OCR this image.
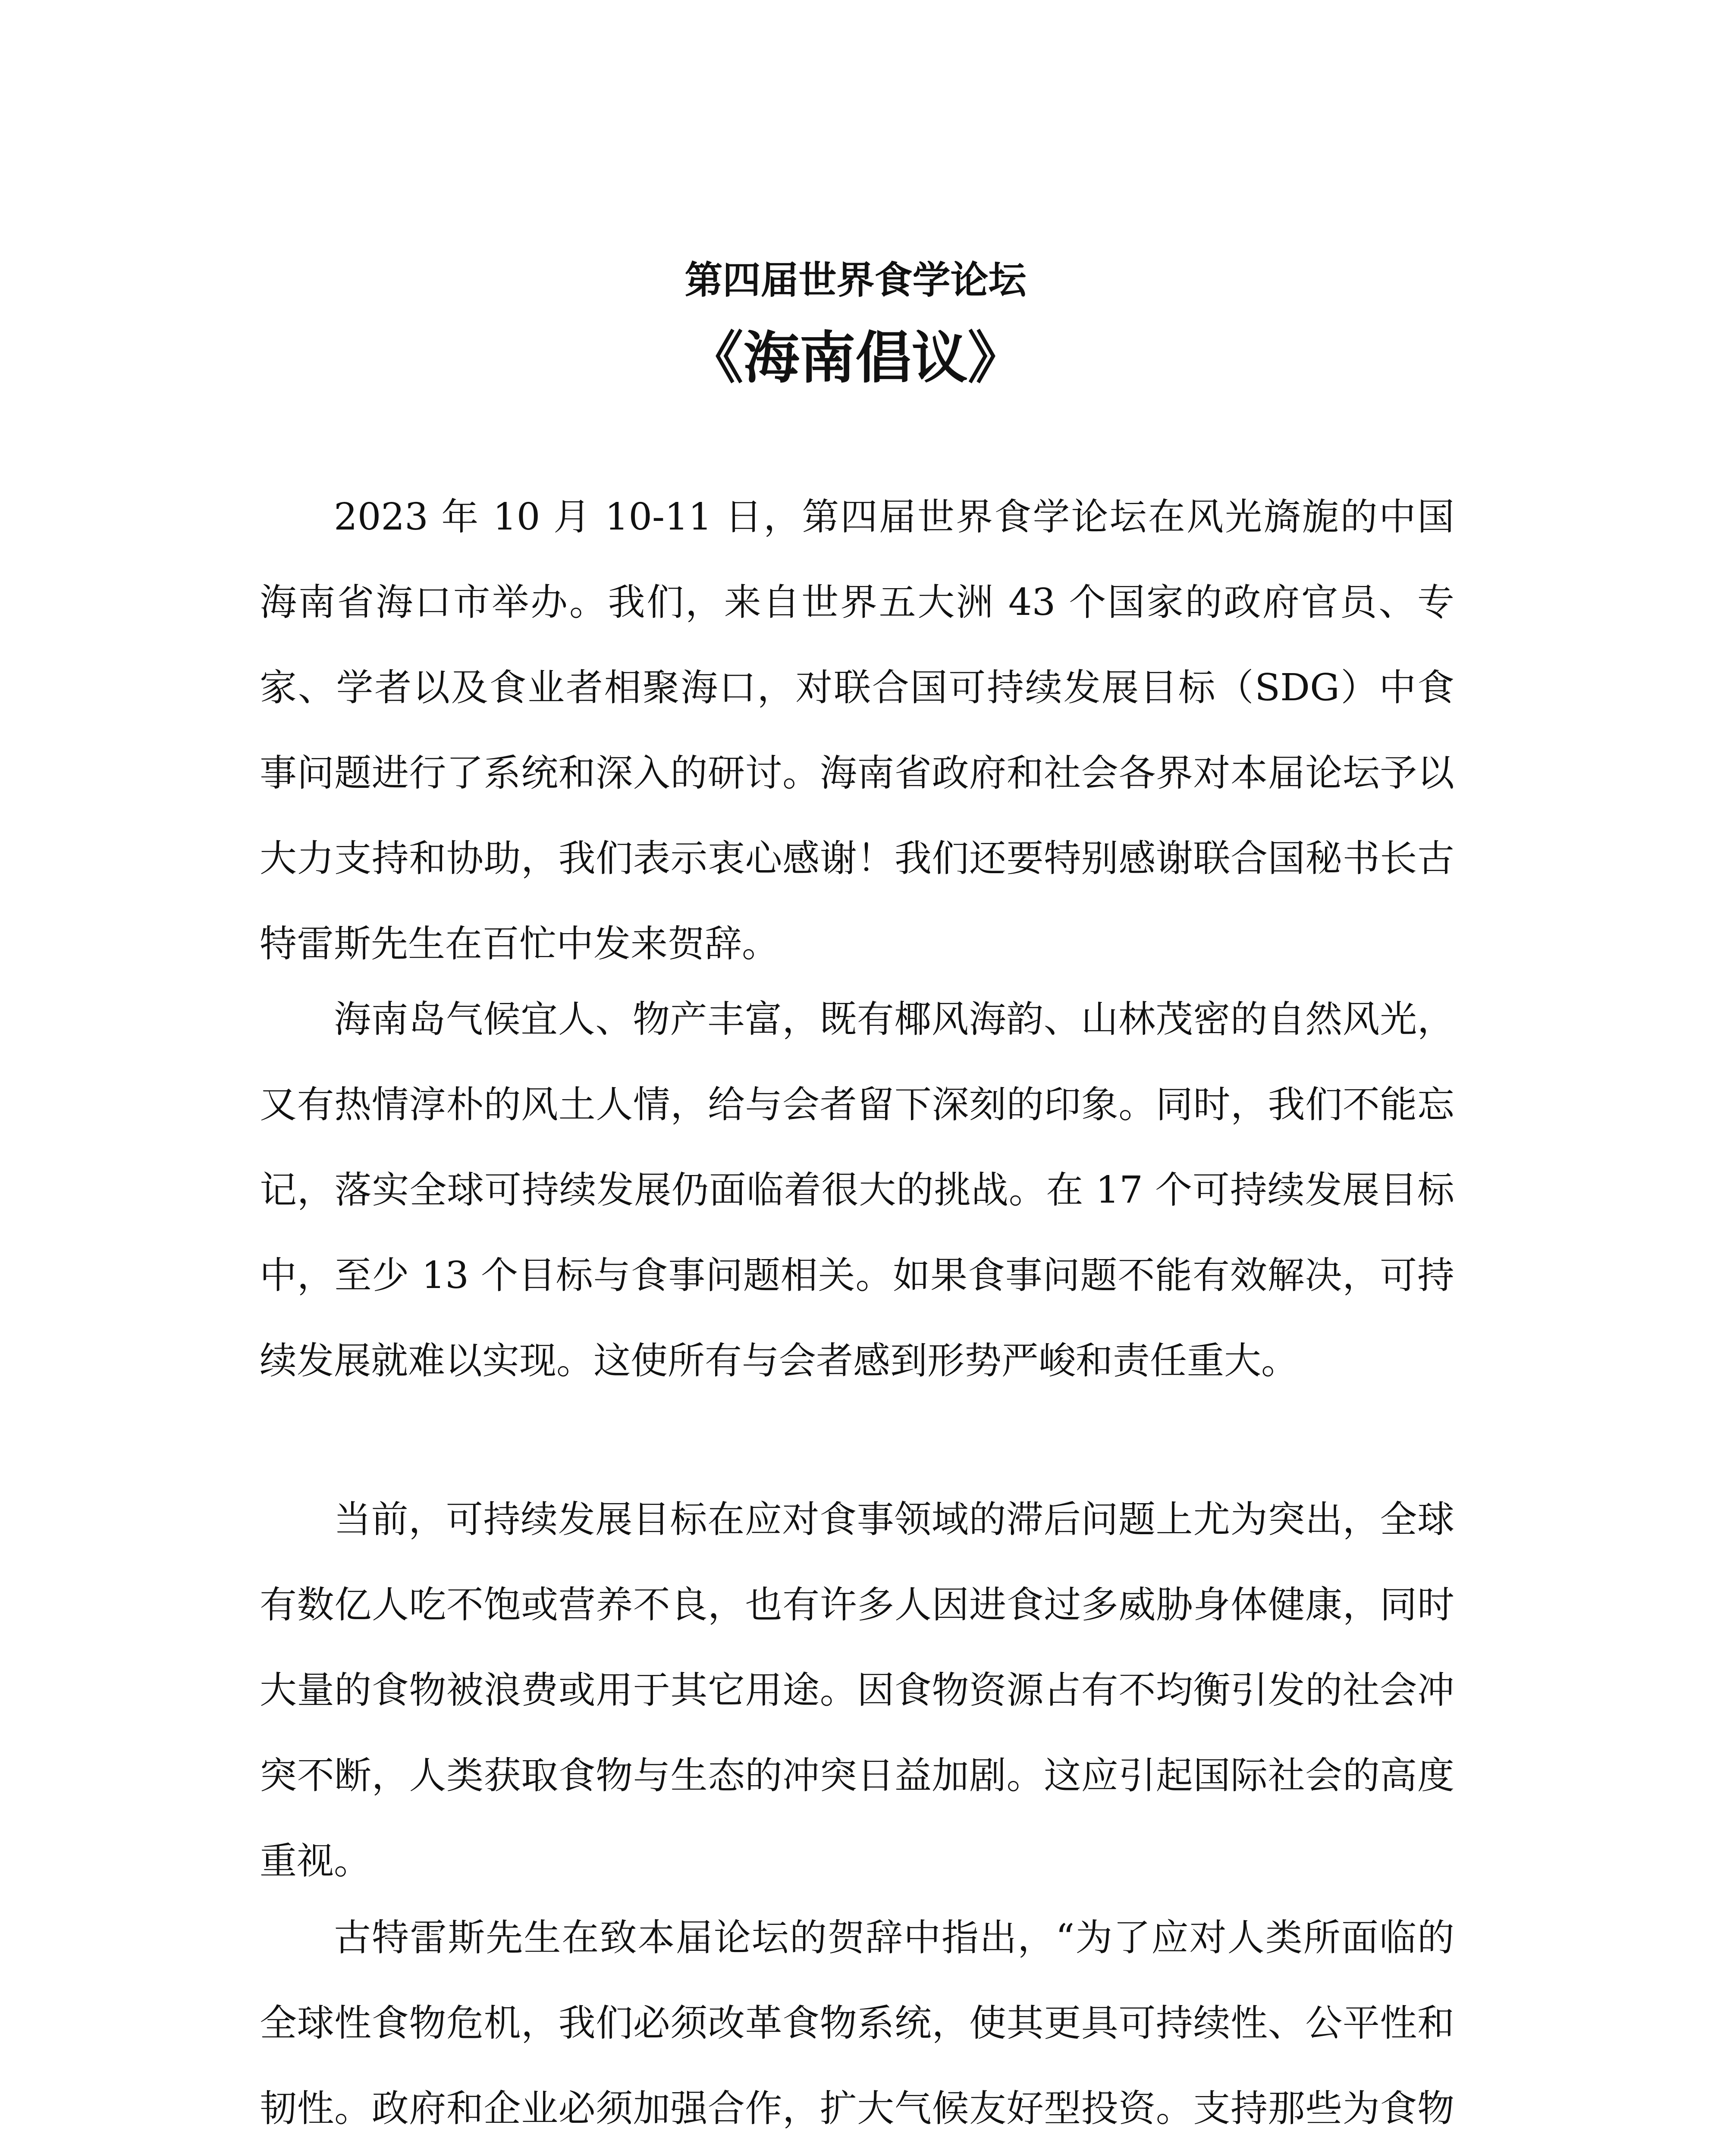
第四届世界食学论坛
《海南倡议》

2023 年 10 月 10-11 日，第四届世界食学论坛在风光旖旎的中国海南省海口市举办。我们，来自世界五大洲 43 个国家的政府官员、专家、学者以及食业者相聚海口，对联合国可持续发展目标（SDG）中食事问题进行了系统和深入的研讨。海南省政府和社会各界对本届论坛予以大力支持和协助，我们表示衷心感谢！我们还要特别感谢联合国秘书长古特雷斯先生在百忙中发来贺辞。

海南岛气候宜人、物产丰富，既有椰风海韵、山林茂密的自然风光，又有热情淳朴的风土人情，给与会者留下深刻的印象。同时，我们不能忘记，落实全球可持续发展仍面临着很大的挑战。在 17 个可持续发展目标中，至少 13 个目标与食事问题相关。如果食事问题不能有效解决，可持续发展就难以实现。这使所有与会者感到形势严峻和责任重大。

当前，可持续发展目标在应对食事领域的滞后问题上尤为突出，全球有数亿人吃不饱或营养不良，也有许多人因进食过多威胁身体健康，同时大量的食物被浪费或用于其它用途。因食物资源占有不均衡引发的社会冲突不断，人类获取食物与生态的冲突日益加剧。这应引起国际社会的高度重视。

古特雷斯先生在致本届论坛的贺辞中指出，“为了应对人类所面临的全球性食物危机，我们必须改革食物系统，使其更具可持续性、公平性和韧性。政府和企业必须加强合作，扩大气候友好型投资。支持那些为食物
